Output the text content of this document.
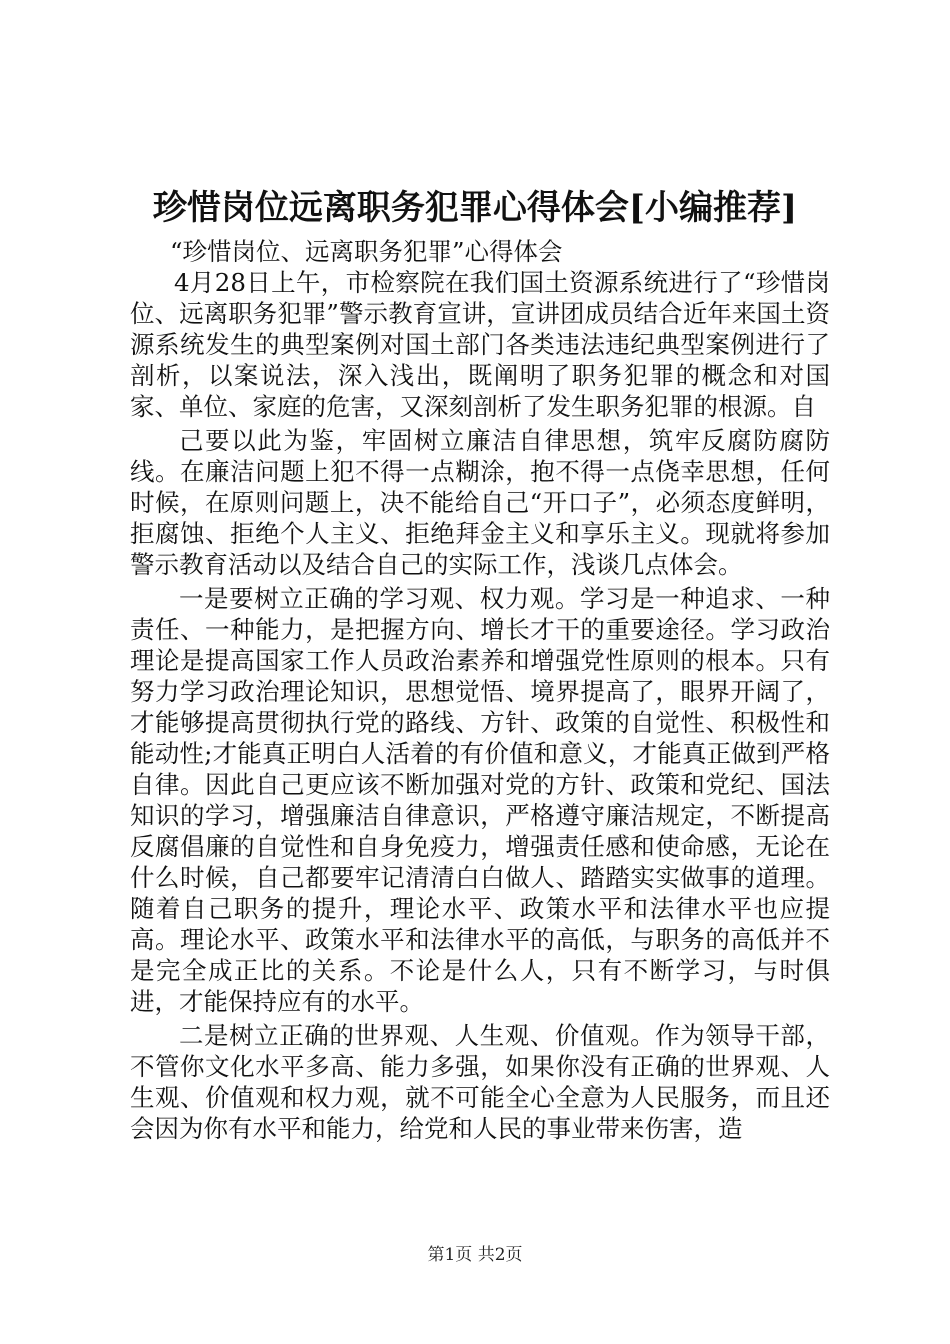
珍惜岗位远离职务犯罪心得体会[小编推荐]

“珍惜岗位、远离职务犯罪”心得体会

4月28日上午，市检察院在我们国土资源系统进行了“珍惜岗位、远离职务犯罪”警示教育宣讲，宣讲团成员结合近年来国土资源系统发生的典型案例对国土部门各类违法违纪典型案例进行了剖析，以案说法，深入浅出，既阐明了职务犯罪的概念和对国家、单位、家庭的危害，又深刻剖析了发生职务犯罪的根源。自

己要以此为鉴，牢固树立廉洁自律思想，筑牢反腐防腐防线。在廉洁问题上犯不得一点糊涂，抱不得一点侥幸思想，任何时候，在原则问题上，决不能给自己“开口子”，必须态度鲜明，拒腐蚀、拒绝个人主义、拒绝拜金主义和享乐主义。现就将参加警示教育活动以及结合自己的实际工作，浅谈几点体会。

一是要树立正确的学习观、权力观。学习是一种追求、一种责任、一种能力，是把握方向、增长才干的重要途径。学习政治理论是提高国家工作人员政治素养和增强党性原则的根本。只有努力学习政治理论知识，思想觉悟、境界提高了，眼界开阔了，才能够提高贯彻执行党的路线、方针、政策的自觉性、积极性和能动性;才能真正明白人活着的有价值和意义，才能真正做到严格自律。因此自己更应该不断加强对党的方针、政策和党纪、国法知识的学习，增强廉洁自律意识，严格遵守廉洁规定，不断提高反腐倡廉的自觉性和自身免疫力，增强责任感和使命感，无论在什么时候，自己都要牢记清清白白做人、踏踏实实做事的道理。随着自己职务的提升，理论水平、政策水平和法律水平也应提高。理论水平、政策水平和法律水平的高低，与职务的高低并不是完全成正比的关系。不论是什么人，只有不断学习，与时俱进，才能保持应有的水平。

二是树立正确的世界观、人生观、价值观。作为领导干部，不管你文化水平多高、能力多强，如果你没有正确的世界观、人生观、价值观和权力观，就不可能全心全意为人民服务，而且还会因为你有水平和能力，给党和人民的事业带来伤害，造

第1页 共2页
